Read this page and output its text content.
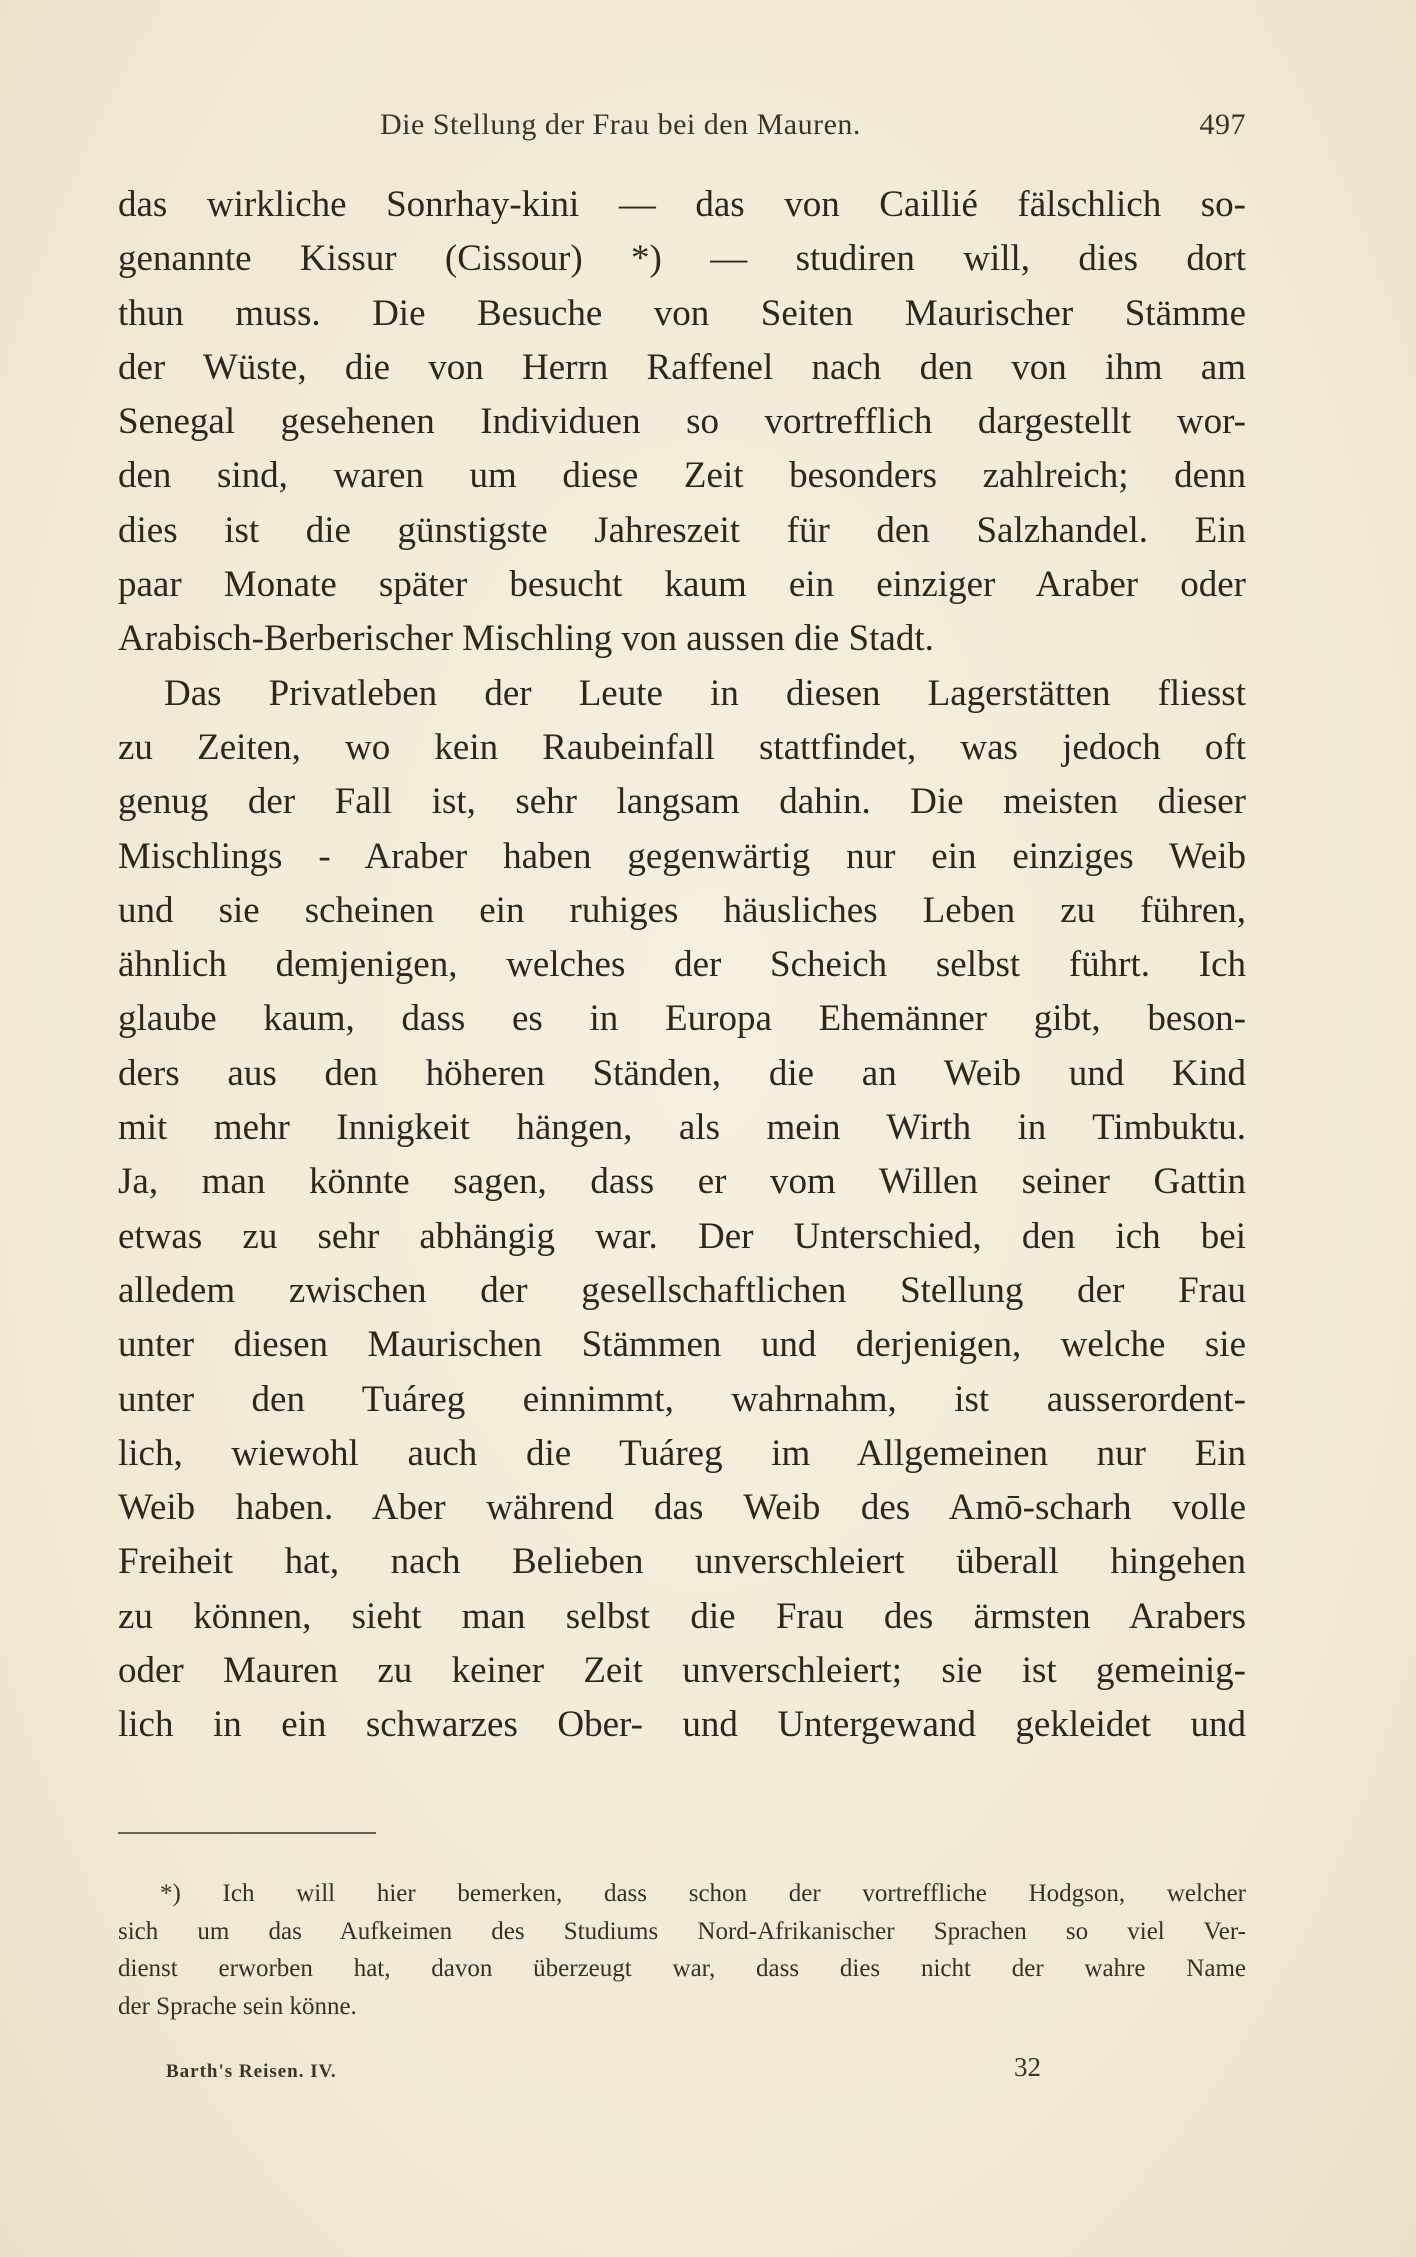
Die Stellung der Frau bei den Mauren.	497
das wirkliche Sonrhay-kini — das von Caillié fälschlich so-
genannte Kissur (Cissour) *) — studiren will, dies dort
thun muss. Die Besuche von Seiten Maurischer Stämme
der Wüste, die von Herrn Raffenel nach den von ihm am
Senegal gesehenen Individuen so vortrefflich dargestellt wor-
den sind, waren um diese Zeit besonders zahlreich; denn
dies ist die günstigste Jahreszeit für den Salzhandel. Ein
paar Monate später besucht kaum ein einziger Araber oder
Arabisch-Berberischer Mischling von aussen die Stadt.
Das Privatleben der Leute in diesen Lagerstätten fliesst
zu Zeiten, wo kein Raubeinfall stattfindet, was jedoch oft
genug der Fall ist, sehr langsam dahin. Die meisten dieser
Mischlings - Araber haben gegenwärtig nur ein einziges Weib
und sie scheinen ein ruhiges häusliches Leben zu führen,
ähnlich demjenigen, welches der Scheich selbst führt. Ich
glaube kaum, dass es in Europa Ehemänner gibt, beson-
ders aus den höheren Ständen, die an Weib und Kind
mit mehr Innigkeit hängen, als mein Wirth in Timbuktu.
Ja, man könnte sagen, dass er vom Willen seiner Gattin
etwas zu sehr abhängig war. Der Unterschied, den ich bei
alledem zwischen der gesellschaftlichen Stellung der Frau
unter diesen Maurischen Stämmen und derjenigen, welche sie
unter den Tuáreg einnimmt, wahrnahm, ist ausserordent-
lich, wiewohl auch die Tuáreg im Allgemeinen nur Ein
Weib haben. Aber während das Weib des Amō-scharh volle
Freiheit hat, nach Belieben unverschleiert überall hingehen
zu können, sieht man selbst die Frau des ärmsten Arabers
oder Mauren zu keiner Zeit unverschleiert; sie ist gemeinig-
lich in ein schwarzes Ober- und Untergewand gekleidet und
*) Ich will hier bemerken, dass schon der vortreffliche Hodgson, welcher
sich um das Aufkeimen des Studiums Nord-Afrikanischer Sprachen so viel Ver-
dienst erworben hat, davon überzeugt war, dass dies nicht der wahre Name
der Sprache sein könne.
Barth's Reisen. IV.	32
